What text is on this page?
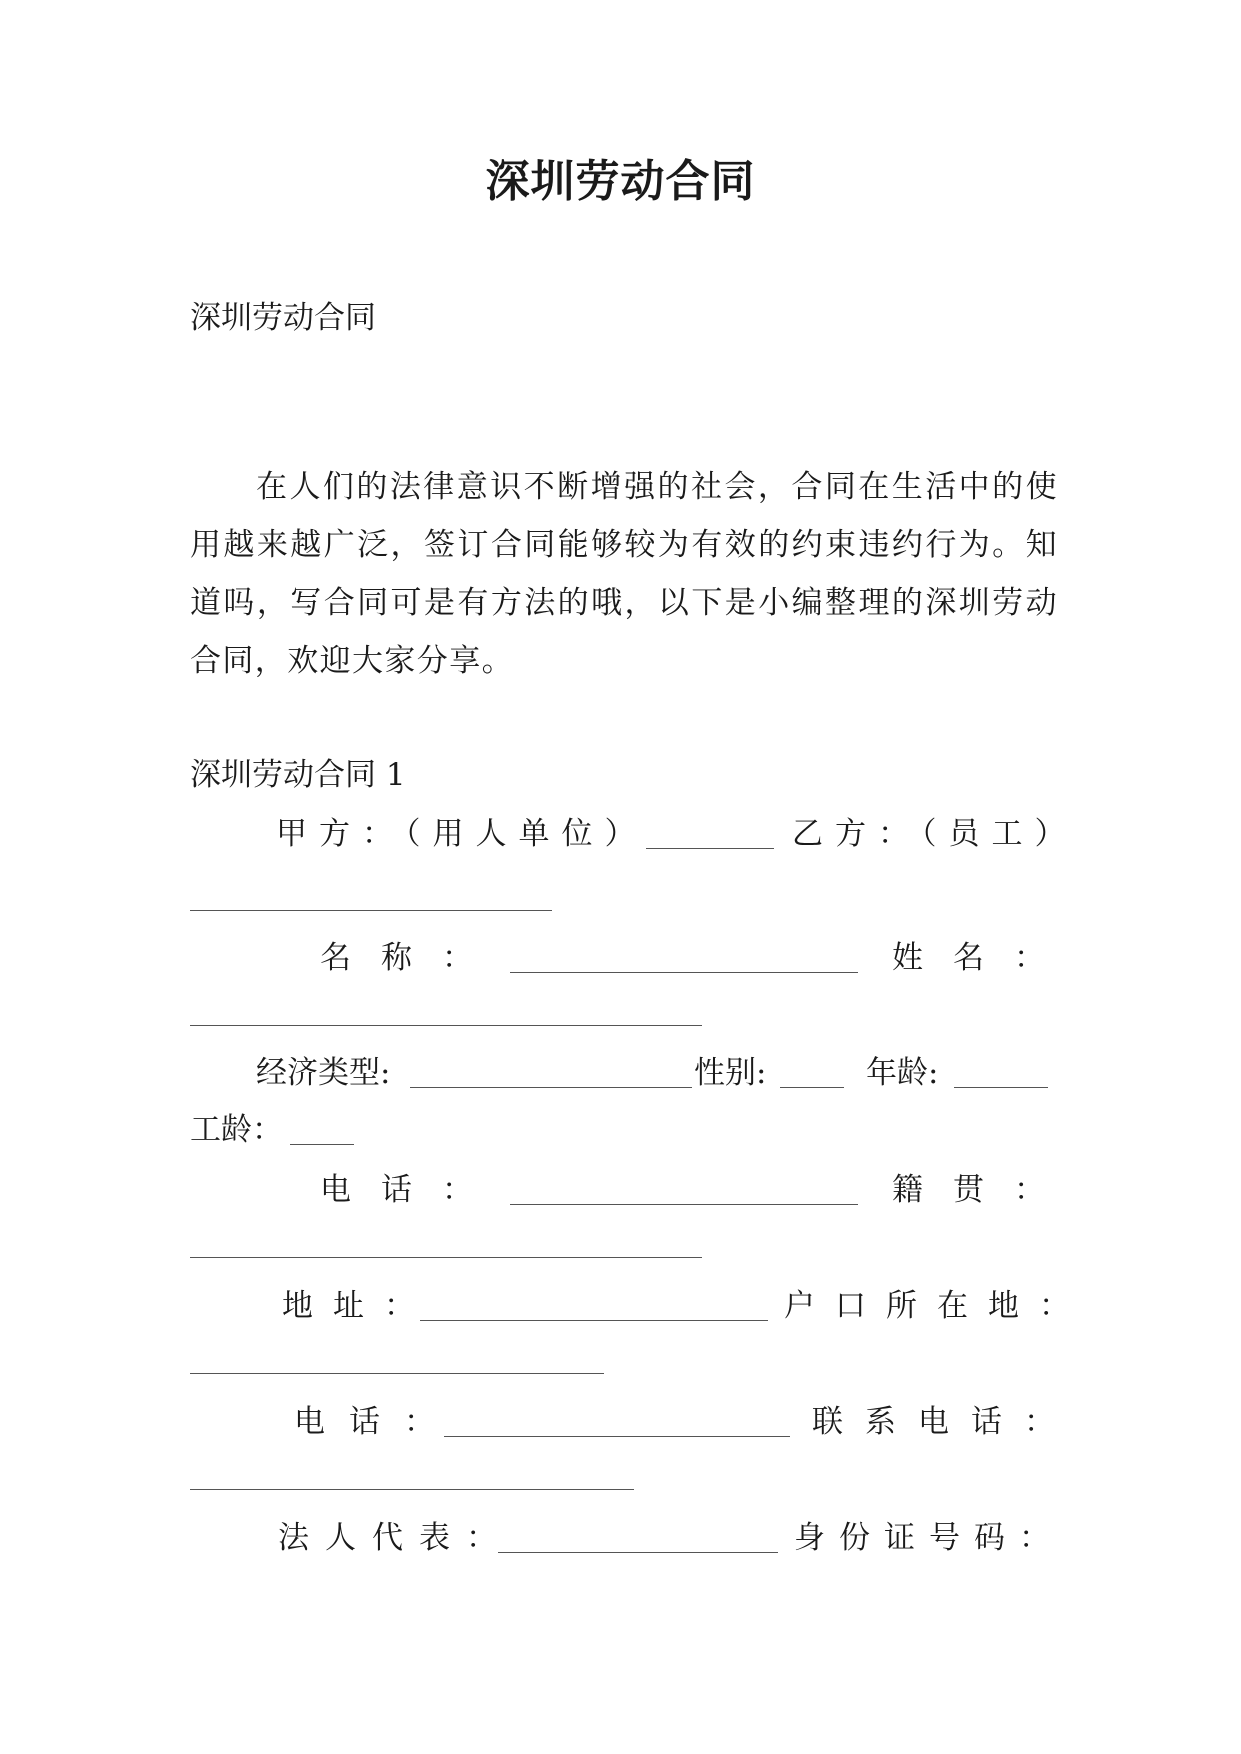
深圳劳动合同
深圳劳动合同
在人们的法律意识不断增强的社会，合同在生活中的使用越来越广泛，签订合同能够较为有效的约束违约行为。知道吗，写合同可是有方法的哦，以下是小编整理的深圳劳动合同，欢迎大家分享。
深圳劳动合同 1
甲方：（用人单位）	乙方：（员工）
名称：	姓名：
经济类型:	性别:	年龄:
工龄：
电话：	籍贯：
地址：	户口所在地：
电话：	联系电话：
法人代表：	身份证号码：
